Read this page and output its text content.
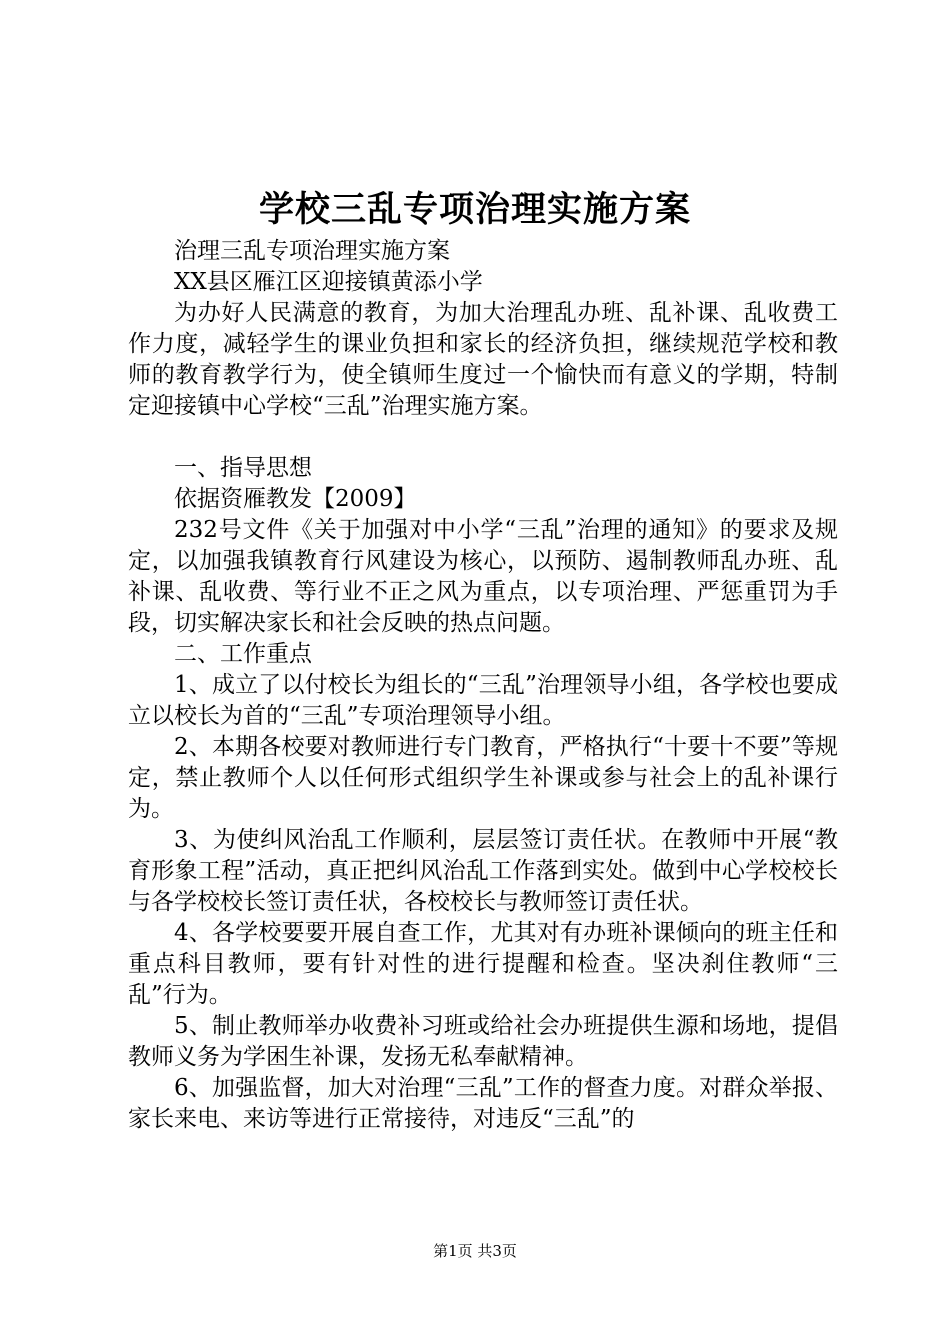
学校三乱专项治理实施方案

治理三乱专项治理实施方案

XX县区雁江区迎接镇黄添小学

为办好人民满意的教育，为加大治理乱办班、乱补课、乱收费工作力度，减轻学生的课业负担和家长的经济负担，继续规范学校和教师的教育教学行为，使全镇师生度过一个愉快而有意义的学期，特制定迎接镇中心学校“三乱”治理实施方案。

一、指导思想

依据资雁教发【2009】

232号文件《关于加强对中小学“三乱”治理的通知》的要求及规定，以加强我镇教育行风建设为核心，以预防、遏制教师乱办班、乱补课、乱收费、等行业不正之风为重点，以专项治理、严惩重罚为手段，切实解决家长和社会反映的热点问题。

二、工作重点

1、成立了以付校长为组长的“三乱”治理领导小组，各学校也要成立以校长为首的“三乱”专项治理领导小组。

2、本期各校要对教师进行专门教育，严格执行“十要十不要”等规定，禁止教师个人以任何形式组织学生补课或参与社会上的乱补课行为。

3、为使纠风治乱工作顺利，层层签订责任状。在教师中开展“教育形象工程”活动，真正把纠风治乱工作落到实处。做到中心学校校长与各学校校长签订责任状，各校校长与教师签订责任状。

4、各学校要要开展自查工作，尤其对有办班补课倾向的班主任和重点科目教师，要有针对性的进行提醒和检查。坚决刹住教师“三乱”行为。

5、制止教师举办收费补习班或给社会办班提供生源和场地，提倡教师义务为学困生补课，发扬无私奉献精神。

6、加强监督，加大对治理“三乱”工作的督查力度。对群众举报、家长来电、来访等进行正常接待，对违反“三乱”的

第1页 共3页
